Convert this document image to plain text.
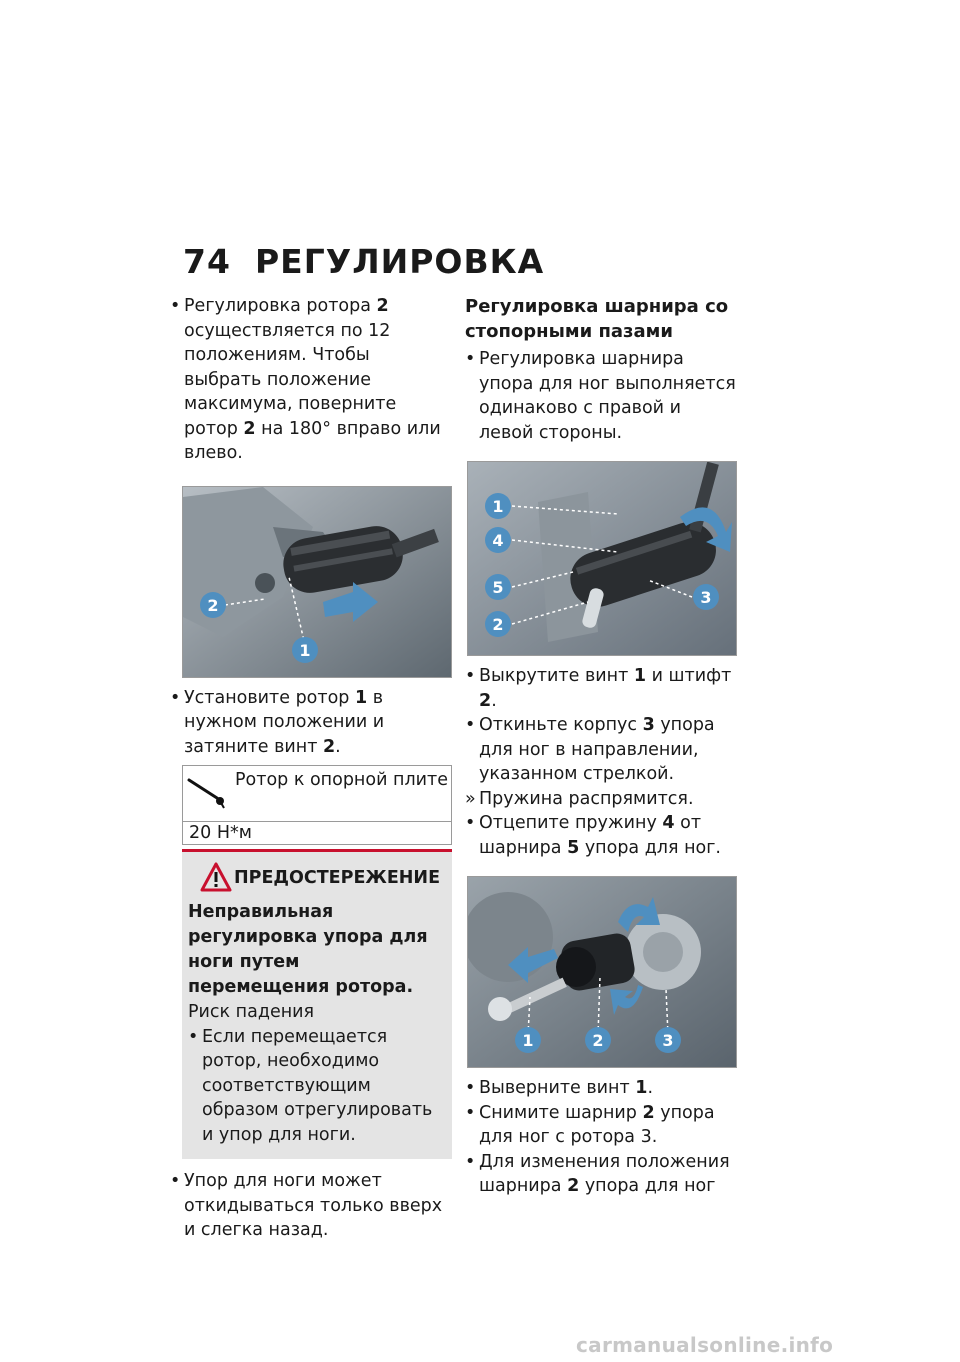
74 РЕГУЛИРОВКА

• Регулировка ротора 2 осуществляется по 12 положениям. Чтобы выбрать положение максимума, поверните ротор 2 на 180° вправо или влево.

2
1

• Установите ротор 1 в нужном положении и затяните винт 2.

Ротор к опорной плите
20 Н*м
ПРЕДОСТЕРЕЖЕНИЕ
Неправильная регулировка упора для ноги путем перемещения ротора.
Риск падения

• Если перемещается ротор, необходимо соответствующим образом отрегулировать и упор для ноги.

• Упор для ноги может откидываться только вверх и слегка назад.

Регулировка шарнира со стопорными пазами

• Регулировка шарнира упора для ног выполняется одинаково с правой и левой стороны.

1
4
5
2
3

• Выкрутите винт 1 и штифт 2.

• Откиньте корпус 3 упора для ног в направлении, указанном стрелкой.

» Пружина распрямится.

• Отцепите пружину 4 от шарнира 5 упора для ног.

1	2	3

• Выверните винт 1.

• Снимите шарнир 2 упора для ног с ротора 3.

• Для изменения положения шарнира 2 упора для ног

carmanualsonline.info
